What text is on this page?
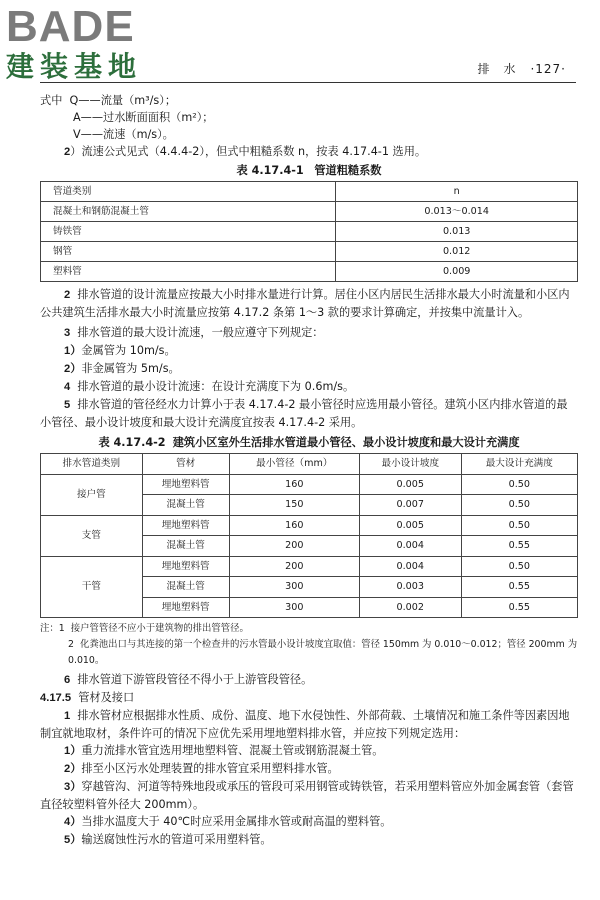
BADE
建装基地	排　水 ·127·

式中 Q——流量（m³/s）；

A——过水断面面积（m²）；

V——流速（m/s）。

2）流速公式见式（4.4.4-2），但式中粗糙系数 n，按表 4.17.4-1 选用。

表 4.17.4-1 管道粗糙系数
管道类别	n
混凝土和钢筋混凝土管	0.013～0.014
铸铁管	0.013
钢管	0.012
塑料管	0.009

2 排水管道的设计流量应按最大小时排水量进行计算。居住小区内居民生活排水最大小时流量和小区内公共建筑生活排水最大小时流量应按第 4.17.2 条第 1～3 款的要求计算确定，并按集中流量计入。

3 排水管道的最大设计流速，一般应遵守下列规定：

1）金属管为 10m/s。

2）非金属管为 5m/s。

4 排水管道的最小设计流速：在设计充满度下为 0.6m/s。

5 排水管道的管径经水力计算小于表 4.17.4-2 最小管径时应选用最小管径。建筑小区内排水管道的最小管径、最小设计坡度和最大设计充满度宜按表 4.17.4-2 采用。

表 4.17.4-2 建筑小区室外生活排水管道最小管径、最小设计坡度和最大设计充满度
排水管道类别	管材	最小管径（mm）	最小设计坡度	最大设计充满度
接户管	埋地塑料管	160	0.005	0.50
	混凝土管	150	0.007	0.50
支管	埋地塑料管	160	0.005	0.50
	混凝土管	200	0.004	0.55
干管	埋地塑料管	200	0.004	0.50
	混凝土管	300	0.003	0.55
	埋地塑料管	300	0.002	0.55

注：1 接户管管径不应小于建筑物的排出管管径。

2 化粪池出口与其连接的第一个检查井的污水管最小设计坡度宜取值：管径 150mm 为 0.010～0.012；管径 200mm 为 0.010。

6 排水管道下游管段管径不得小于上游管段管径。

4.17.5 管材及接口

1 排水管材应根据排水性质、成份、温度、地下水侵蚀性、外部荷载、土壤情况和施工条件等因素因地制宜就地取材，条件许可的情况下应优先采用埋地塑料排水管，并应按下列规定选用：

1）重力流排水管宜选用埋地塑料管、混凝土管或钢筋混凝土管。

2）排至小区污水处理装置的排水管宜采用塑料排水管。

3）穿越管沟、河道等特殊地段或承压的管段可采用钢管或铸铁管，若采用塑料管应外加金属套管（套管直径较塑料管外径大 200mm）。

4）当排水温度大于 40℃时应采用金属排水管或耐高温的塑料管。

5）输送腐蚀性污水的管道可采用塑料管。
